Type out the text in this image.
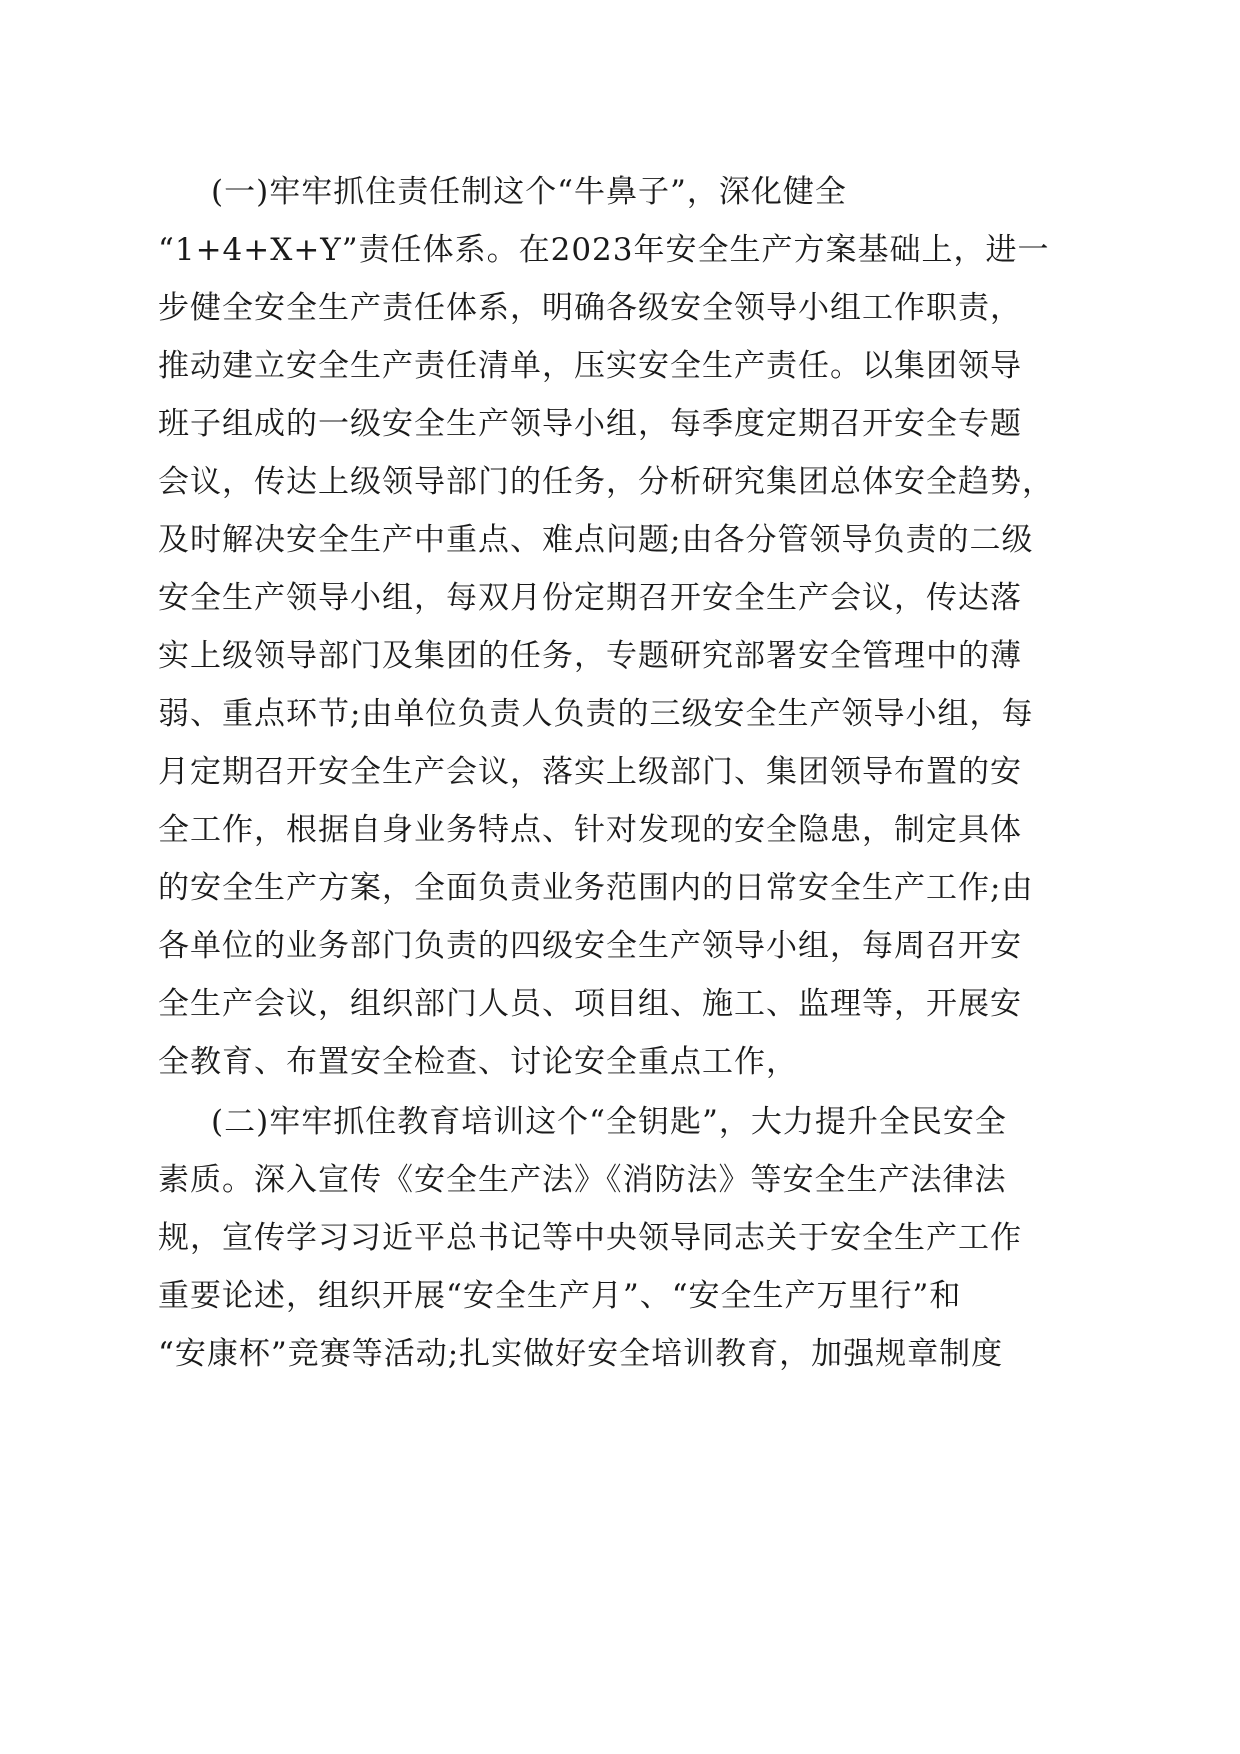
(一)牢牢抓住责任制这个“牛鼻子”，深化健全
“1+4+X+Y”责任体系。在2023年安全生产方案基础上，进一
步健全安全生产责任体系，明确各级安全领导小组工作职责，
推动建立安全生产责任清单，压实安全生产责任。以集团领导
班子组成的一级安全生产领导小组，每季度定期召开安全专题
会议，传达上级领导部门的任务，分析研究集团总体安全趋势，
及时解决安全生产中重点、难点问题;由各分管领导负责的二级
安全生产领导小组，每双月份定期召开安全生产会议，传达落
实上级领导部门及集团的任务，专题研究部署安全管理中的薄
弱、重点环节;由单位负责人负责的三级安全生产领导小组，每
月定期召开安全生产会议，落实上级部门、集团领导布置的安
全工作，根据自身业务特点、针对发现的安全隐患，制定具体
的安全生产方案，全面负责业务范围内的日常安全生产工作;由
各单位的业务部门负责的四级安全生产领导小组，每周召开安
全生产会议，组织部门人员、项目组、施工、监理等，开展安
全教育、布置安全检查、讨论安全重点工作，
(二)牢牢抓住教育培训这个“全钥匙”，大力提升全民安全
素质。深入宣传《安全生产法》《消防法》等安全生产法律法
规，宣传学习习近平总书记等中央领导同志关于安全生产工作
重要论述，组织开展“安全生产月”、“安全生产万里行”和
“安康杯”竞赛等活动;扎实做好安全培训教育，加强规章制度
